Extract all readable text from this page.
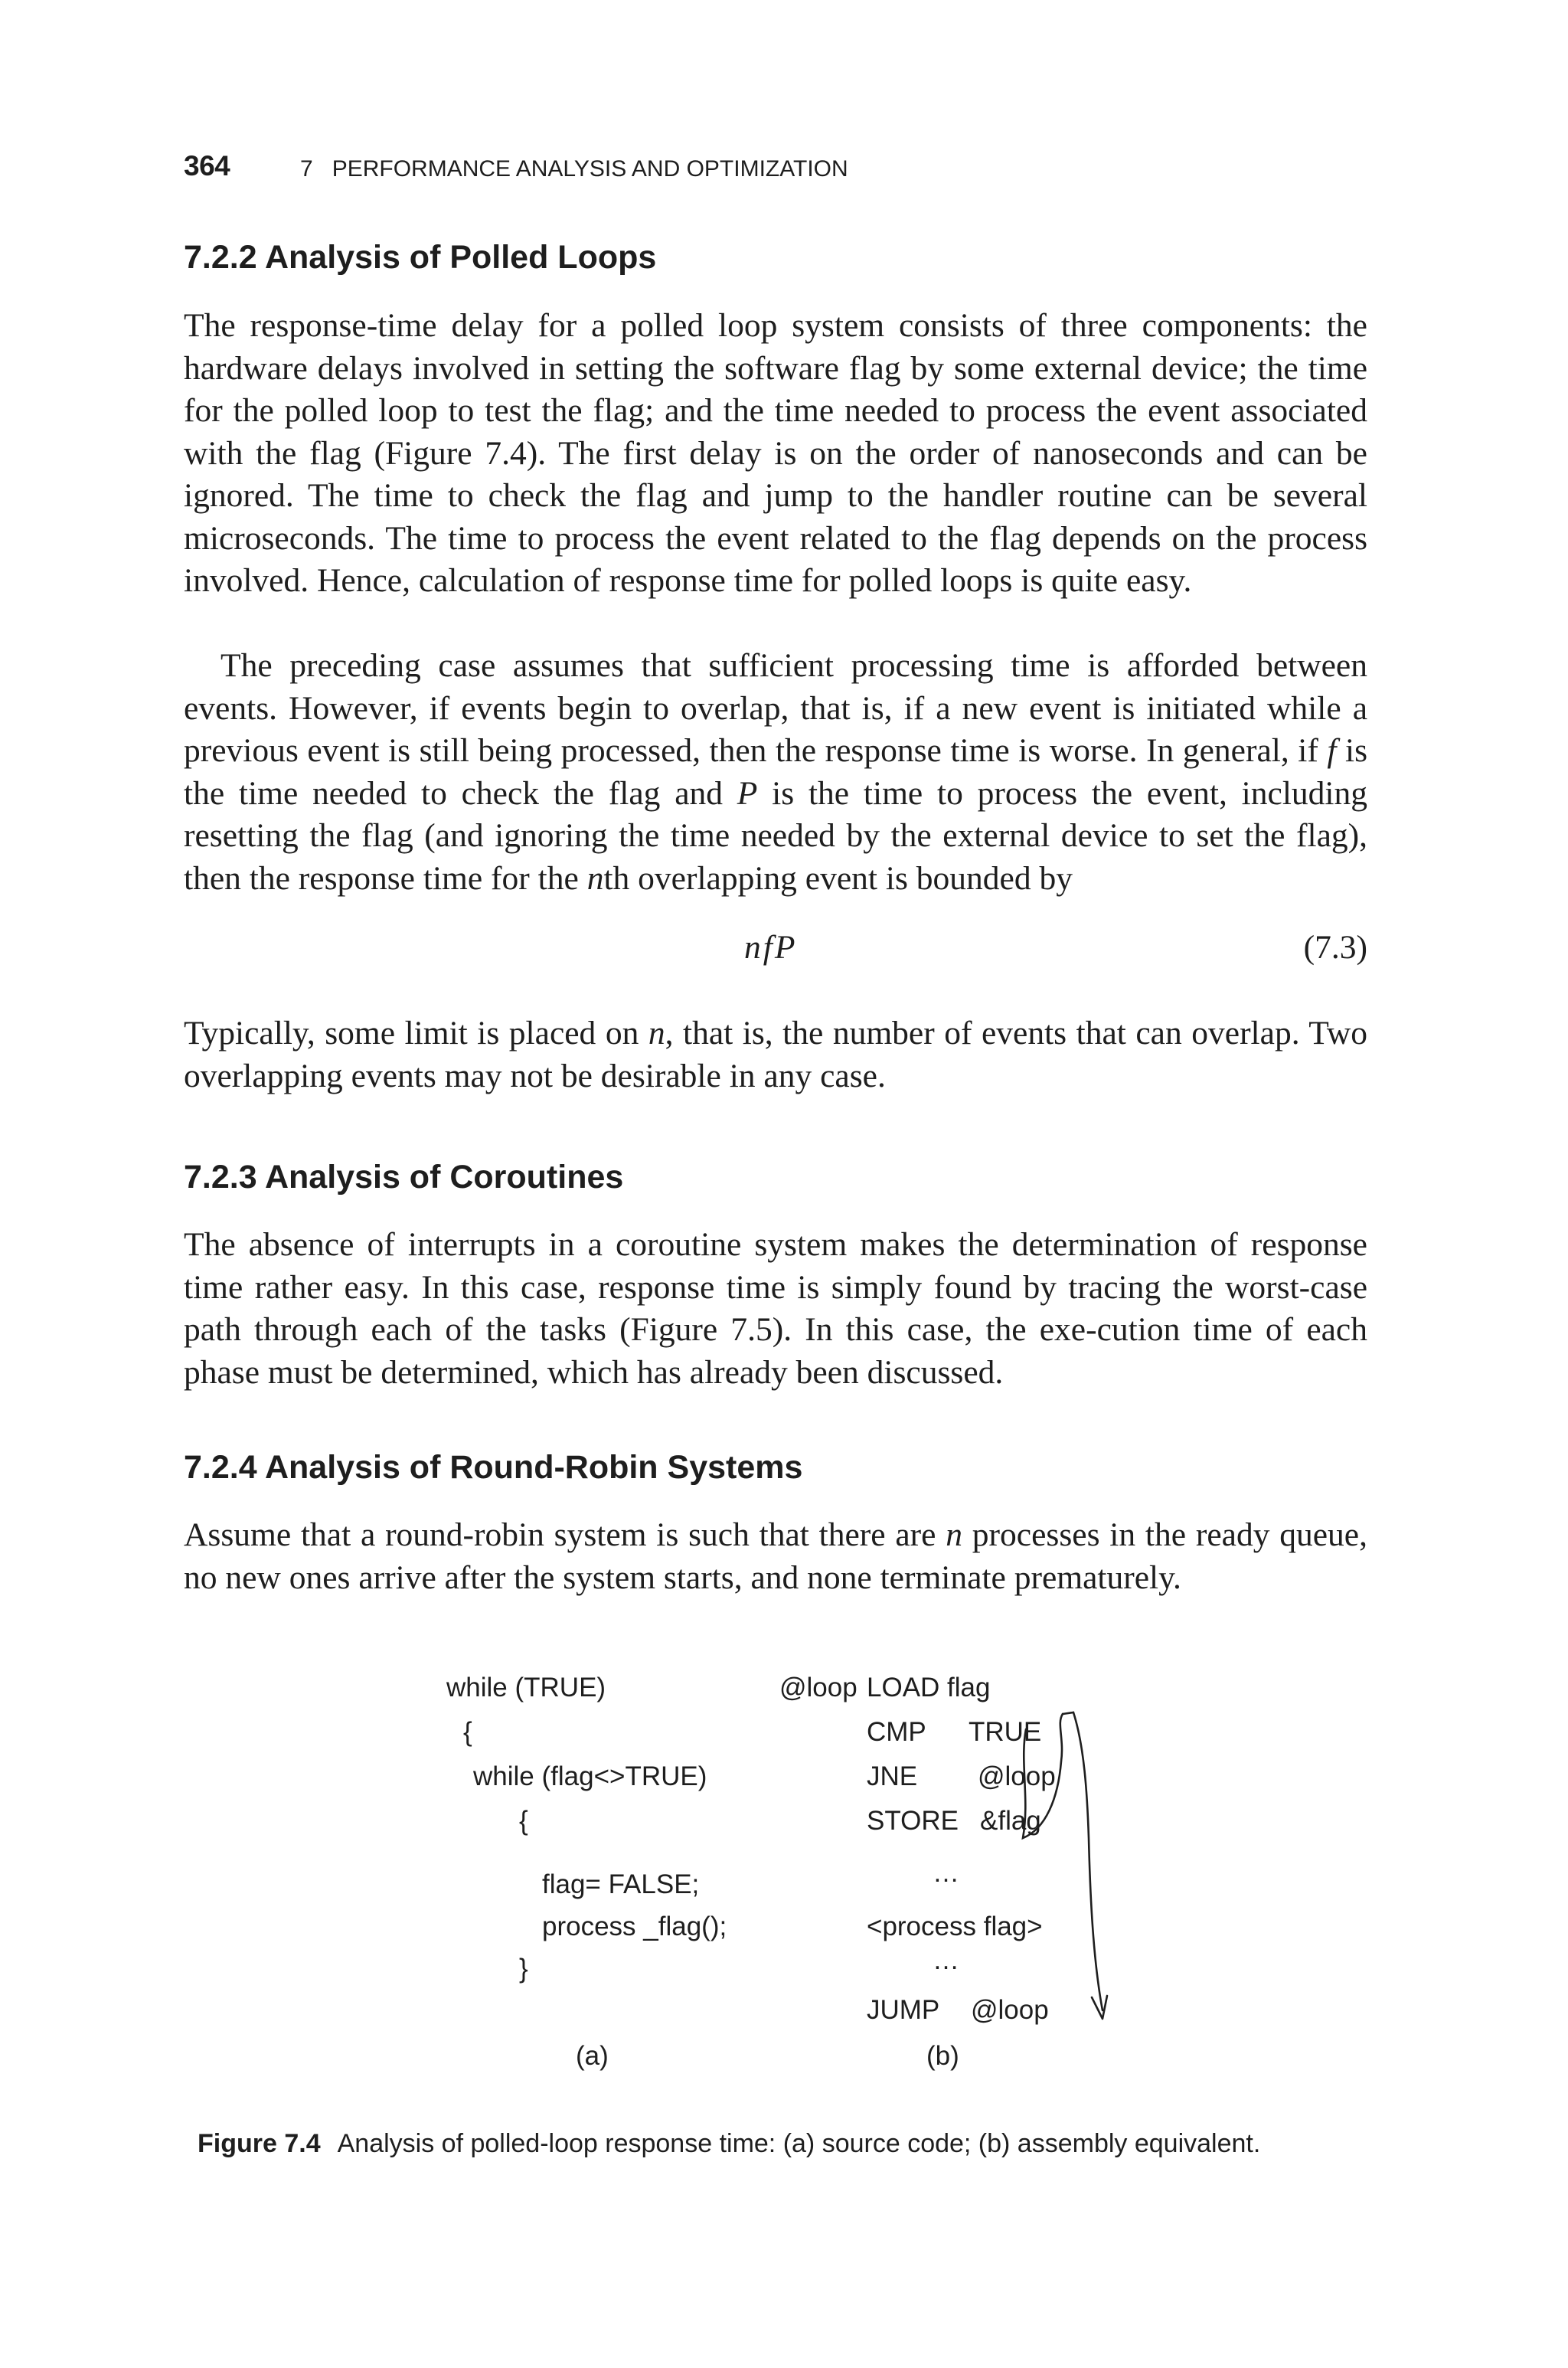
364	7   PERFORMANCE ANALYSIS AND OPTIMIZATION
7.2.2 Analysis of Polled Loops

The response-time delay for a polled loop system consists of three components: the hardware delays involved in setting the software flag by some external device; the time for the polled loop to test the flag; and the time needed to process the event associated with the flag (Figure 7.4). The first delay is on the order of nanoseconds and can be ignored. The time to check the flag and jump to the handler routine can be several microseconds. The time to process the event related to the flag depends on the process involved. Hence, calculation of response time for polled loops is quite easy.

The preceding case assumes that sufficient processing time is afforded between events. However, if events begin to overlap, that is, if a new event is initiated while a previous event is still being processed, then the response time is worse. In general, if f is the time needed to check the flag and P is the time to process the event, including resetting the flag (and ignoring the time needed by the external device to set the flag), then the response time for the nth overlapping event is bounded by

nfP	(7.3)

Typically, some limit is placed on n, that is, the number of events that can overlap. Two overlapping events may not be desirable in any case.

7.2.3 Analysis of Coroutines

The absence of interrupts in a coroutine system makes the determination of response time rather easy. In this case, response time is simply found by tracing the worst-case path through each of the tasks (Figure 7.5). In this case, the exe-cution time of each phase must be determined, which has already been discussed.

7.2.4 Analysis of Round-Robin Systems

Assume that a round-robin system is such that there are n processes in the ready queue, no new ones arrive after the system starts, and none terminate prematurely.

while (TRUE)
{
while (flag<>TRUE)
{
flag= FALSE;
process _flag();
}
(a)
@loop LOAD flag
CMP TRUE
JNE @loop
STORE &flag
…
<process flag>
…
JUMP @loop
(b)
Figure 7.4 Analysis of polled-loop response time: (a) source code; (b) assembly equivalent.
